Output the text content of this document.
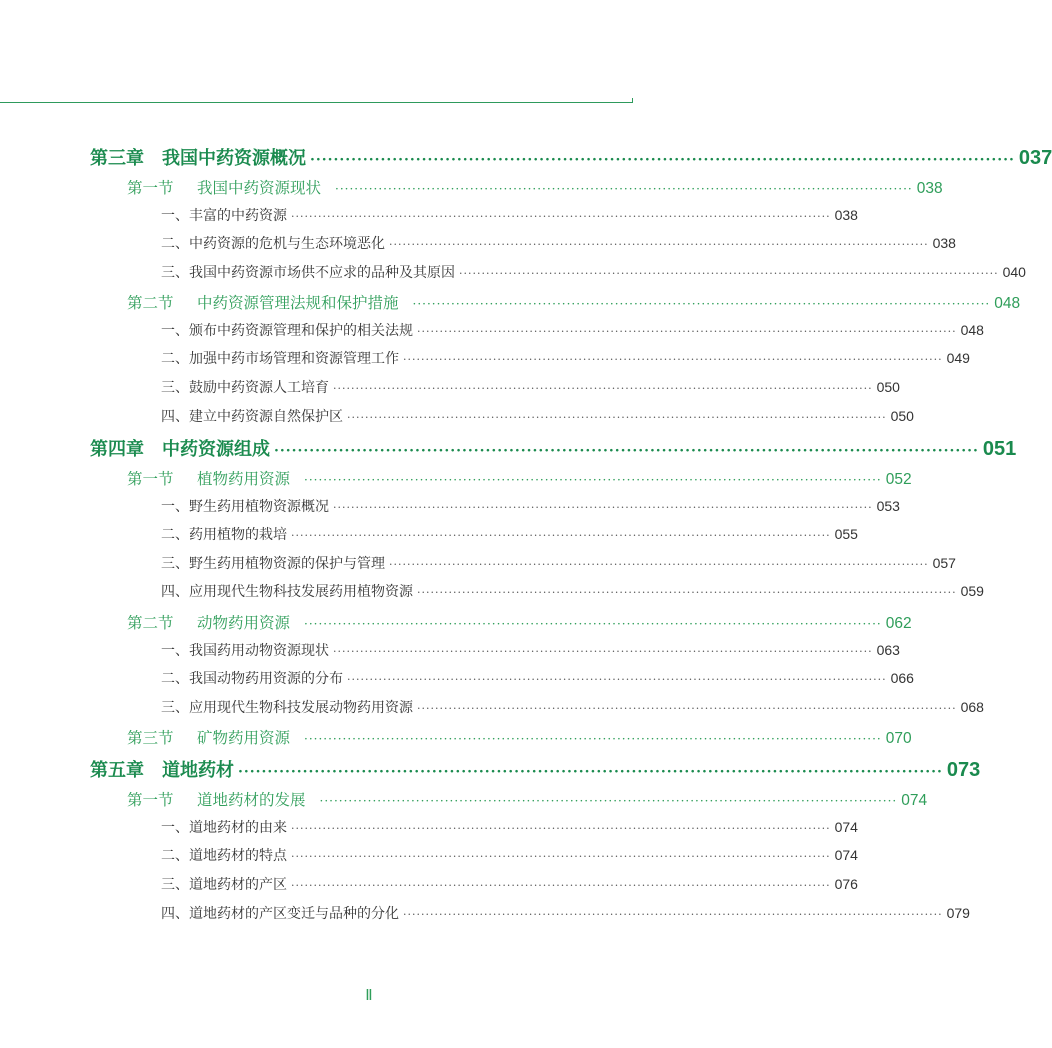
第三章	我国中药资源概况 ························································································································ 037
第一节	我国中药资源现状 ························································································································ 038
一、 丰富的中药资源 ························································································································ 038
二、 中药资源的危机与生态环境恶化 ························································································································ 038
三、 我国中药资源市场供不应求的品种及其原因 ························································································································ 040
第二节	中药资源管理法规和保护措施 ························································································································ 048
一、 颁布中药资源管理和保护的相关法规 ························································································································ 048
二、 加强中药市场管理和资源管理工作 ························································································································ 049
三、 鼓励中药资源人工培育 ························································································································ 050
四、 建立中药资源自然保护区 ························································································································ 050
第四章	中药资源组成 ························································································································ 051
第一节	植物药用资源 ························································································································ 052
一、 野生药用植物资源概况 ························································································································ 053
二、 药用植物的栽培 ························································································································ 055
三、 野生药用植物资源的保护与管理 ························································································································ 057
四、 应用现代生物科技发展药用植物资源 ························································································································ 059
第二节	动物药用资源 ························································································································ 062
一、 我国药用动物资源现状 ························································································································ 063
二、 我国动物药用资源的分布 ························································································································ 066
三、 应用现代生物科技发展动物药用资源 ························································································································ 068
第三节	矿物药用资源 ························································································································ 070
第五章	道地药材 ························································································································ 073
第一节	道地药材的发展 ························································································································ 074
一、 道地药材的由来 ························································································································ 074
二、 道地药材的特点 ························································································································ 074
三、 道地药材的产区 ························································································································ 076
四、 道地药材的产区变迁与品种的分化 ························································································································ 079
Ⅱ
